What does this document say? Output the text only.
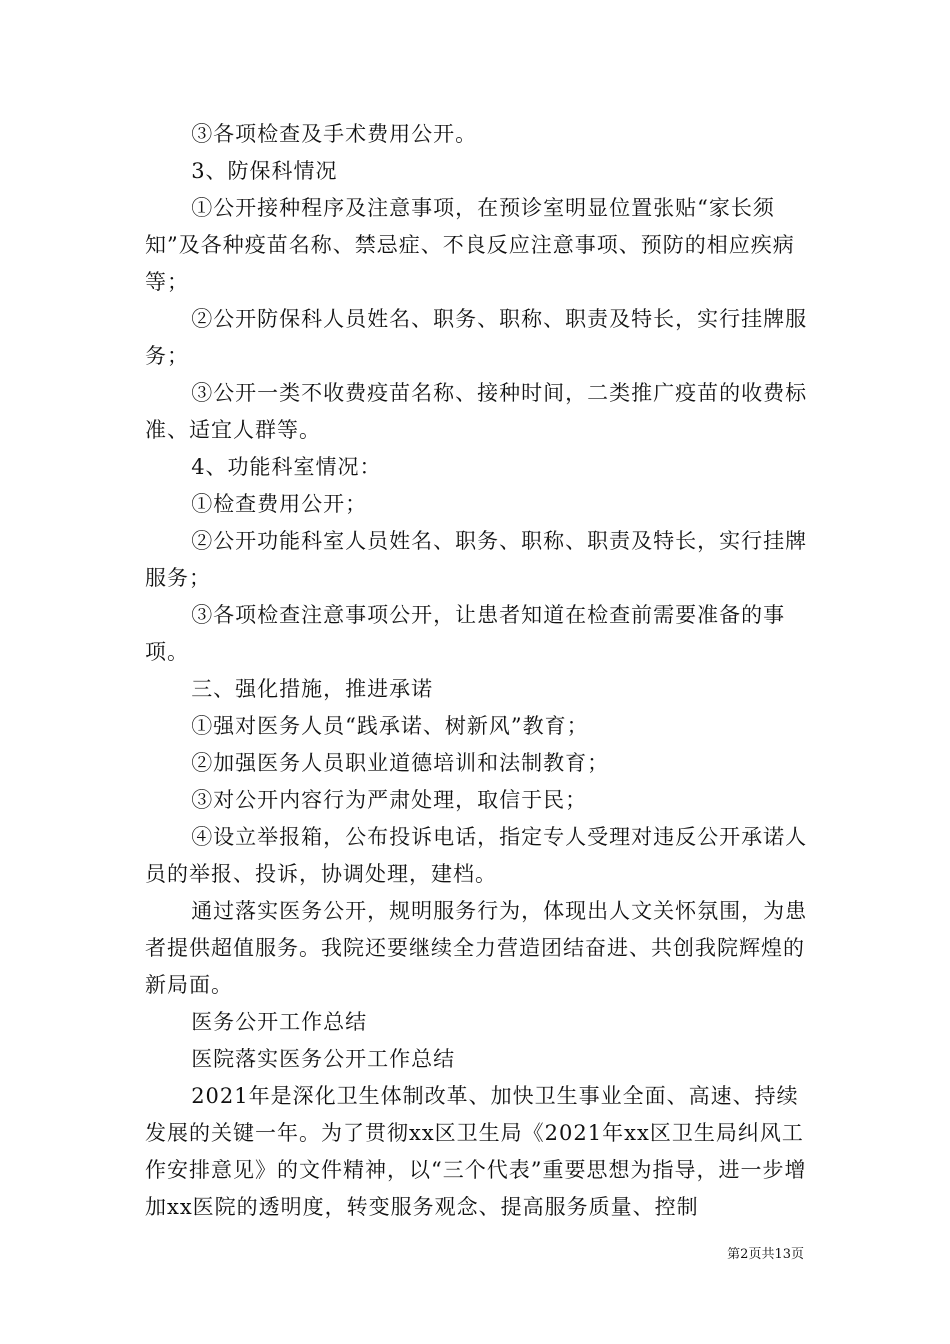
③各项检查及手术费用公开。

3、防保科情况

①公开接种程序及注意事项，在预诊室明显位置张贴“家长须知”及各种疫苗名称、禁忌症、不良反应注意事项、预防的相应疾病等；

②公开防保科人员姓名、职务、职称、职责及特长，实行挂牌服务；

③公开一类不收费疫苗名称、接种时间，二类推广疫苗的收费标准、适宜人群等。

4、功能科室情况：

①检查费用公开；

②公开功能科室人员姓名、职务、职称、职责及特长，实行挂牌服务；

③各项检查注意事项公开，让患者知道在检查前需要准备的事项。

三、强化措施，推进承诺

①强对医务人员“践承诺、树新风”教育；

②加强医务人员职业道德培训和法制教育；

③对公开内容行为严肃处理，取信于民；

④设立举报箱，公布投诉电话，指定专人受理对违反公开承诺人员的举报、投诉，协调处理，建档。

通过落实医务公开，规明服务行为，体现出人文关怀氛围，为患者提供超值服务。我院还要继续全力营造团结奋进、共创我院辉煌的新局面。

医务公开工作总结

医院落实医务公开工作总结

2021年是深化卫生体制改革、加快卫生事业全面、高速、持续发展的关键一年。为了贯彻xx区卫生局《2021年xx区卫生局纠风工作安排意见》的文件精神，以“三个代表”重要思想为指导，进一步增加xx医院的透明度，转变服务观念、提高服务质量、控制

第2页共13页
